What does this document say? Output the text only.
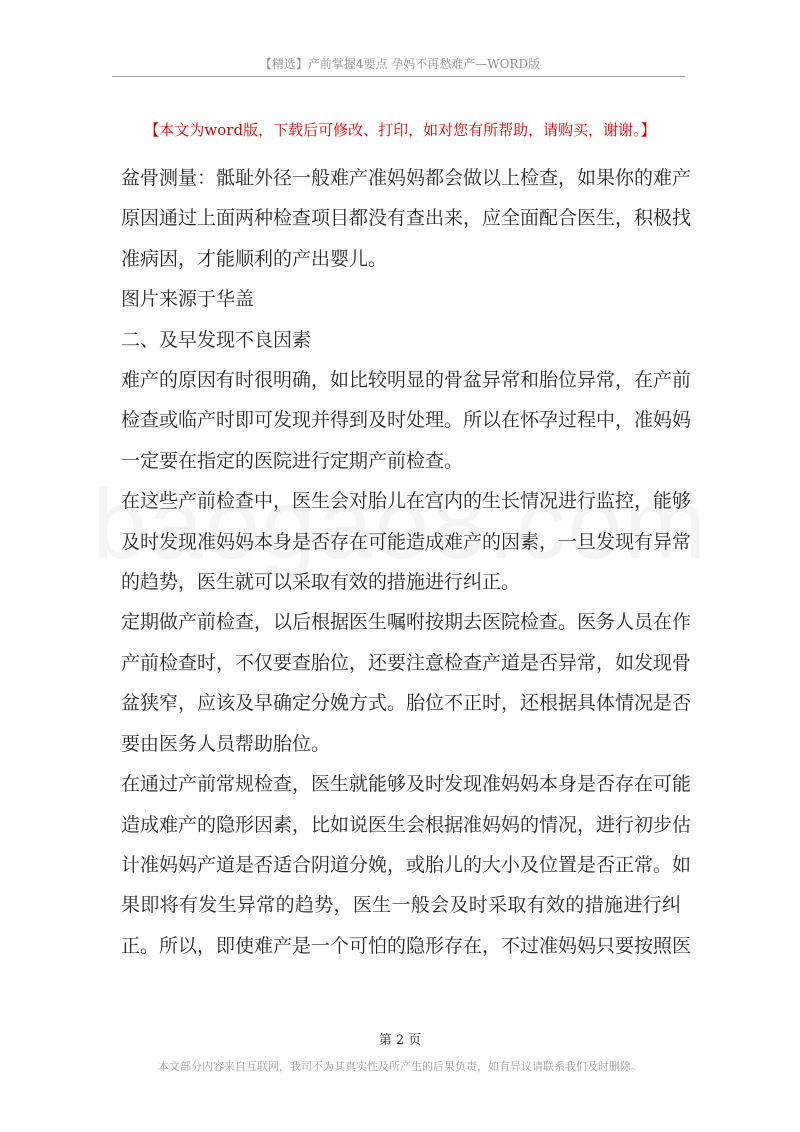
【精选】产前掌握4要点 孕妈不再愁难产—WORD版
【本文为word版，下载后可修改、打印，如对您有所帮助，请购买，谢谢。】

盆骨测量：骶耻外径一般难产准妈妈都会做以上检查，如果你的难产

原因通过上面两种检查项目都没有查出来，应全面配合医生，积极找

准病因，才能顺利的产出婴儿。

图片来源于华盖

二、及早发现不良因素

难产的原因有时很明确，如比较明显的骨盆异常和胎位异常，在产前

检查或临产时即可发现并得到及时处理。所以在怀孕过程中，准妈妈

一定要在指定的医院进行定期产前检查。

在这些产前检查中，医生会对胎儿在宫内的生长情况进行监控，能够

及时发现准妈妈本身是否存在可能造成难产的因素，一旦发现有异常

的趋势，医生就可以采取有效的措施进行纠正。

定期做产前检查，以后根据医生嘱咐按期去医院检查。医务人员在作

产前检查时，不仅要查胎位，还要注意检查产道是否异常，如发现骨

盆狭窄，应该及早确定分娩方式。胎位不正时，还根据具体情况是否

要由医务人员帮助胎位。

在通过产前常规检查，医生就能够及时发现准妈妈本身是否存在可能

造成难产的隐形因素，比如说医生会根据准妈妈的情况，进行初步估

计准妈妈产道是否适合阴道分娩，或胎儿的大小及位置是否正常。如

果即将有发生异常的趋势，医生一般会及时采取有效的措施进行纠

正。所以，即使难产是一个可怕的隐形存在，不过准妈妈只要按照医

第 2 页
本文部分内容来自互联网，我司不为其真实性及所产生的后果负责，如有异议请联系我们及时删除。
